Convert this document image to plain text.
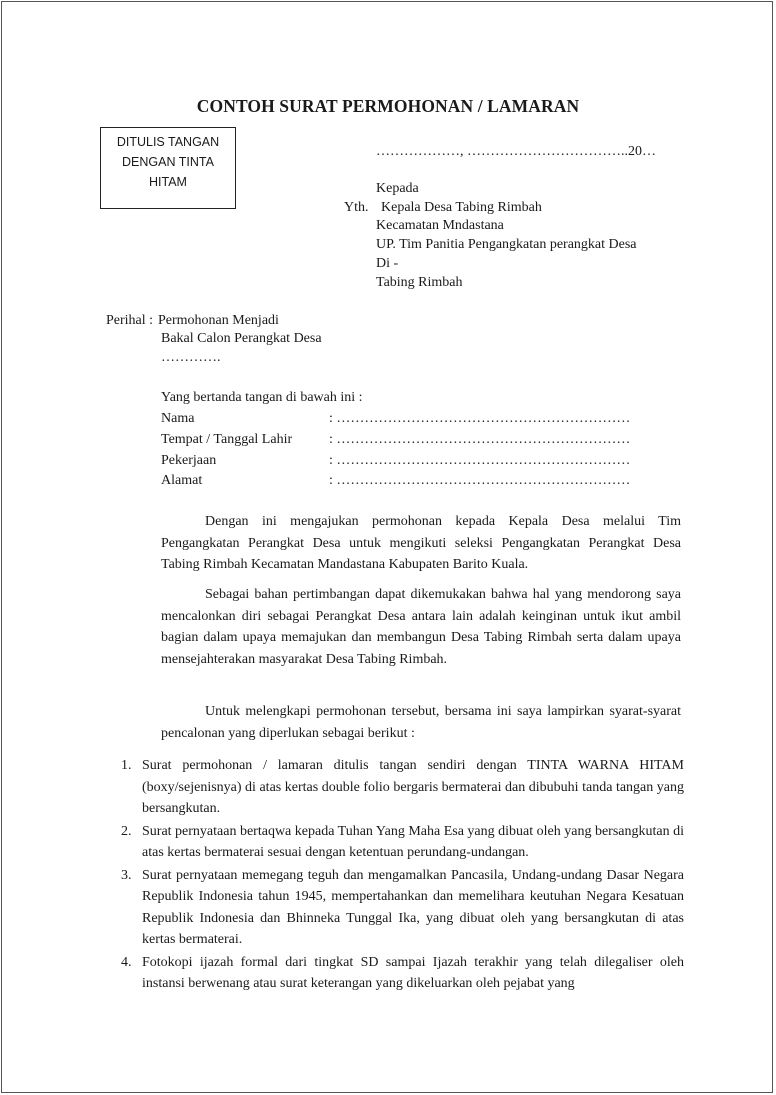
CONTOH SURAT PERMOHONAN / LAMARAN
DITULIS TANGAN
DENGAN TINTA
HITAM
………………, ……………………………..20…
Kepada
Yth. Kepala Desa Tabing Rimbah
Kecamatan Mndastana
UP. Tim Panitia Pengangkatan perangkat Desa
Di -
Tabing Rimbah
Perihal : Permohonan Menjadi
Bakal Calon Perangkat Desa
………….
Yang bertanda tangan di bawah ini :
Nama	: ………………………………………………………
Tempat / Tanggal Lahir	: ………………………………………………………
Pekerjaan	: ………………………………………………………
Alamat	: ………………………………………………………
Dengan ini mengajukan permohonan kepada Kepala Desa melalui Tim Pengangkatan Perangkat Desa untuk mengikuti seleksi Pengangkatan Perangkat Desa Tabing Rimbah Kecamatan Mandastana Kabupaten Barito Kuala.
Sebagai bahan pertimbangan dapat dikemukakan bahwa hal yang mendorong saya mencalonkan diri sebagai Perangkat Desa antara lain adalah keinginan untuk ikut ambil bagian dalam upaya memajukan dan membangun Desa Tabing Rimbah serta dalam upaya mensejahterakan masyarakat Desa Tabing Rimbah.
Untuk melengkapi permohonan tersebut, bersama ini saya lampirkan syarat-syarat pencalonan yang diperlukan sebagai berikut :
1. Surat permohonan / lamaran ditulis tangan sendiri dengan TINTA WARNA HITAM (boxy/sejenisnya) di atas kertas double folio bergaris bermaterai dan dibubuhi tanda tangan yang bersangkutan.
2. Surat pernyataan bertaqwa kepada Tuhan Yang Maha Esa yang dibuat oleh yang bersangkutan di atas kertas bermaterai sesuai dengan ketentuan perundang-undangan.
3. Surat pernyataan memegang teguh dan mengamalkan Pancasila, Undang-undang Dasar Negara Republik Indonesia tahun 1945, mempertahankan dan memelihara keutuhan Negara Kesatuan Republik Indonesia dan Bhinneka Tunggal Ika, yang dibuat oleh yang bersangkutan di atas kertas bermaterai.
4. Fotokopi ijazah formal dari tingkat SD sampai Ijazah terakhir yang telah dilegaliser oleh instansi berwenang atau surat keterangan yang dikeluarkan oleh pejabat yang
